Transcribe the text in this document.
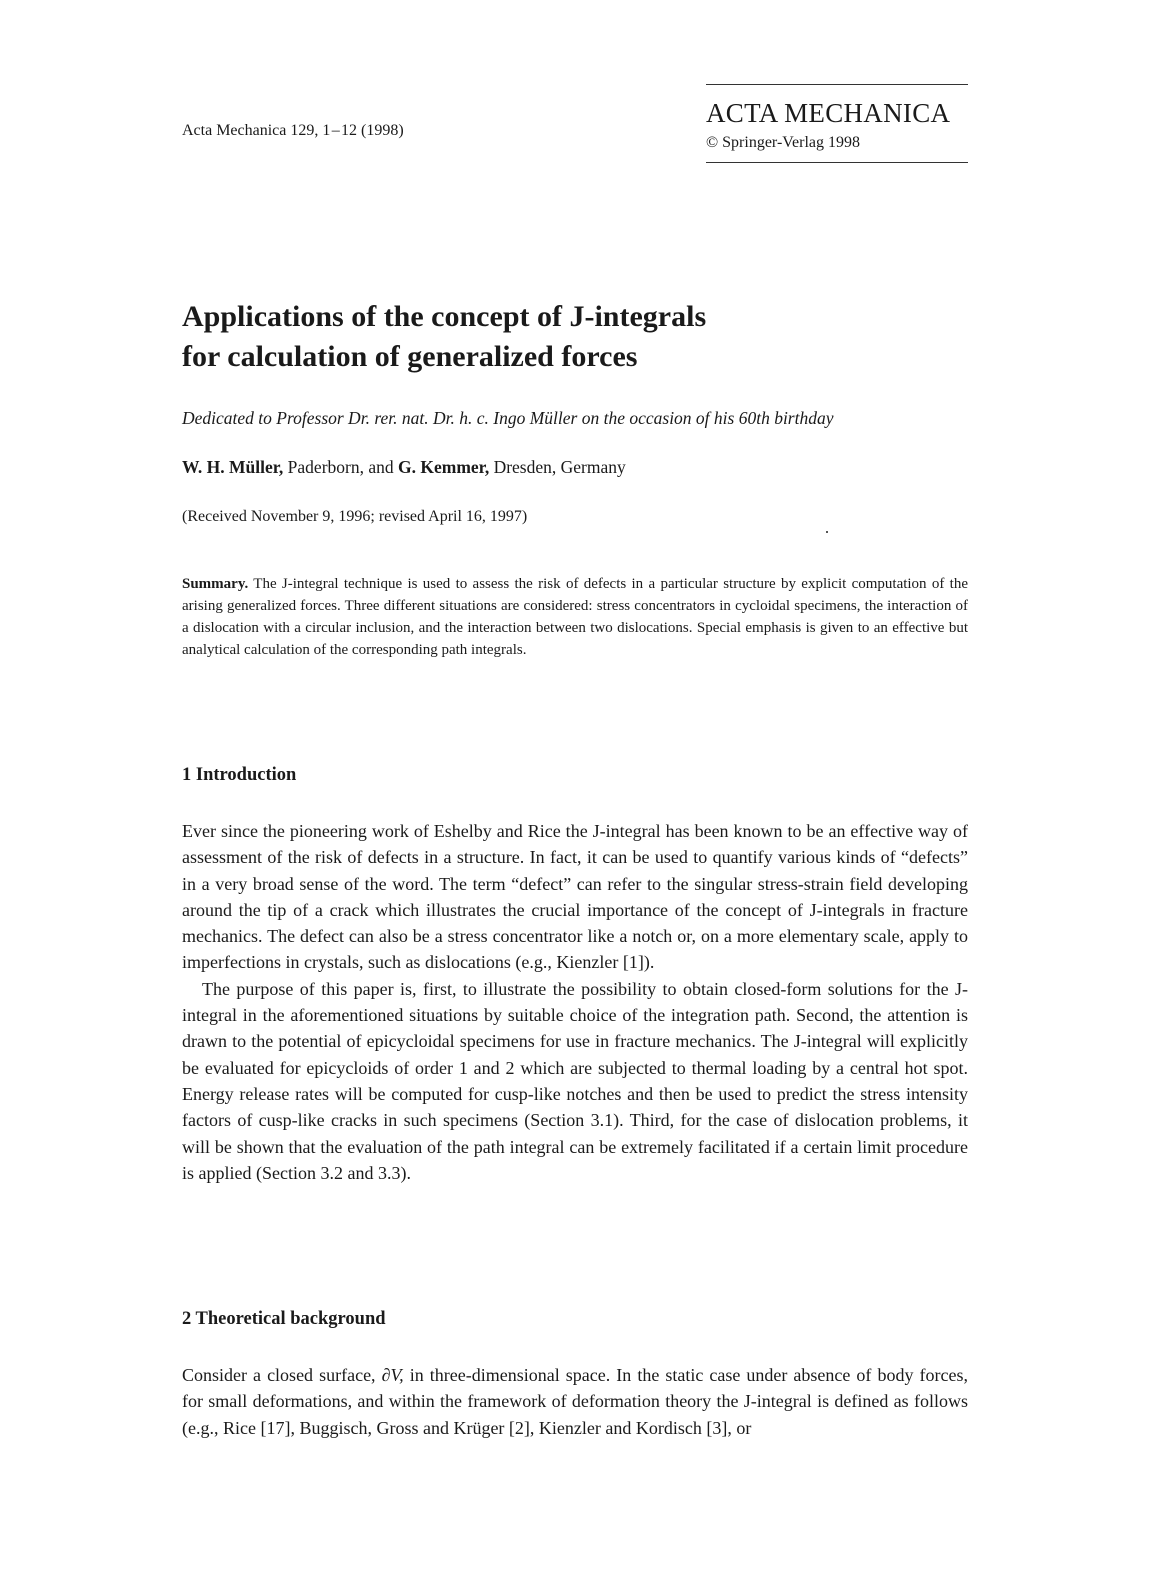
Acta Mechanica 129, 1 – 12 (1998)
ACTA MECHANICA
© Springer-Verlag 1998
Applications of the concept of J-integrals
for calculation of generalized forces
Dedicated to Professor Dr. rer. nat. Dr. h. c. Ingo Müller on the occasion of his 60th birthday
W. H. Müller, Paderborn, and G. Kemmer, Dresden, Germany
(Received November 9, 1996; revised April 16, 1997)
Summary. The J-integral technique is used to assess the risk of defects in a particular structure by explicit computation of the arising generalized forces. Three different situations are considered: stress concentrators in cycloidal specimens, the interaction of a dislocation with a circular inclusion, and the interaction between two dislocations. Special emphasis is given to an effective but analytical calculation of the corresponding path integrals.
1 Introduction

Ever since the pioneering work of Eshelby and Rice the J-integral has been known to be an effective way of assessment of the risk of defects in a structure. In fact, it can be used to quantify various kinds of “defects” in a very broad sense of the word. The term “defect” can refer to the singular stress-strain field developing around the tip of a crack which illustrates the crucial importance of the concept of J-integrals in fracture mechanics. The defect can also be a stress concentrator like a notch or, on a more elementary scale, apply to imperfections in crystals, such as dislocations (e.g., Kienzler [1]).

The purpose of this paper is, first, to illustrate the possibility to obtain closed-form solutions for the J-integral in the aforementioned situations by suitable choice of the integration path. Second, the attention is drawn to the potential of epicycloidal specimens for use in fracture mechanics. The J-integral will explicitly be evaluated for epicycloids of order 1 and 2 which are subjected to thermal loading by a central hot spot. Energy release rates will be computed for cusp-like notches and then be used to predict the stress intensity factors of cusp-like cracks in such specimens (Section 3.1). Third, for the case of dislocation problems, it will be shown that the evaluation of the path integral can be extremely facilitated if a certain limit procedure is applied (Section 3.2 and 3.3).

2 Theoretical background

Consider a closed surface, ∂V, in three-dimensional space. In the static case under absence of body forces, for small deformations, and within the framework of deformation theory the J-integral is defined as follows (e.g., Rice [17], Buggisch, Gross and Krüger [2], Kienzler and Kordisch [3], or
